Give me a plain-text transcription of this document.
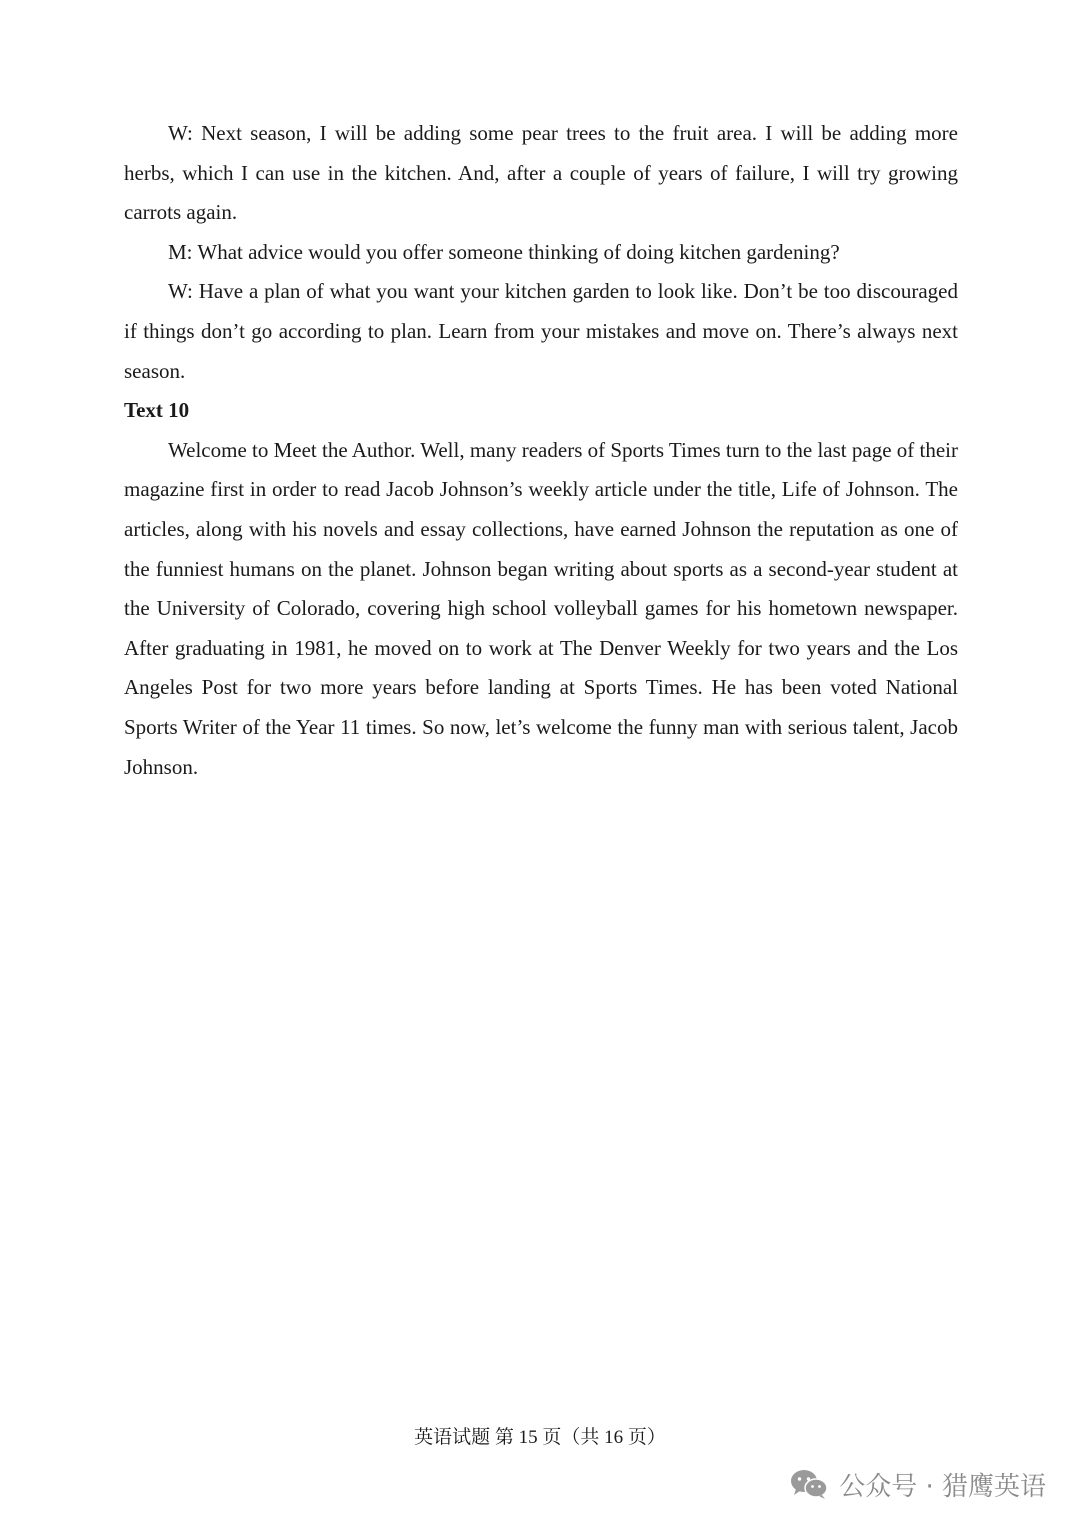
W: Next season, I will be adding some pear trees to the fruit area. I will be adding more herbs, which I can use in the kitchen. And, after a couple of years of failure, I will try growing carrots again.

M: What advice would you offer someone thinking of doing kitchen gardening?

W: Have a plan of what you want your kitchen garden to look like. Don’t be too discouraged if things don’t go according to plan. Learn from your mistakes and move on. There’s always next season.

Text 10

Welcome to Meet the Author. Well, many readers of Sports Times turn to the last page of their magazine first in order to read Jacob Johnson’s weekly article under the title, Life of Johnson. The articles, along with his novels and essay collections, have earned Johnson the reputation as one of the funniest humans on the planet. Johnson began writing about sports as a second-year student at the University of Colorado, covering high school volleyball games for his hometown newspaper. After graduating in 1981, he moved on to work at The Denver Weekly for two years and the Los Angeles Post for two more years before landing at Sports Times. He has been voted National Sports Writer of the Year 11 times. So now, let’s welcome the funny man with serious talent, Jacob Johnson.

英语试题 第 15 页（共 16 页）
公众号 · 猎鹰英语
